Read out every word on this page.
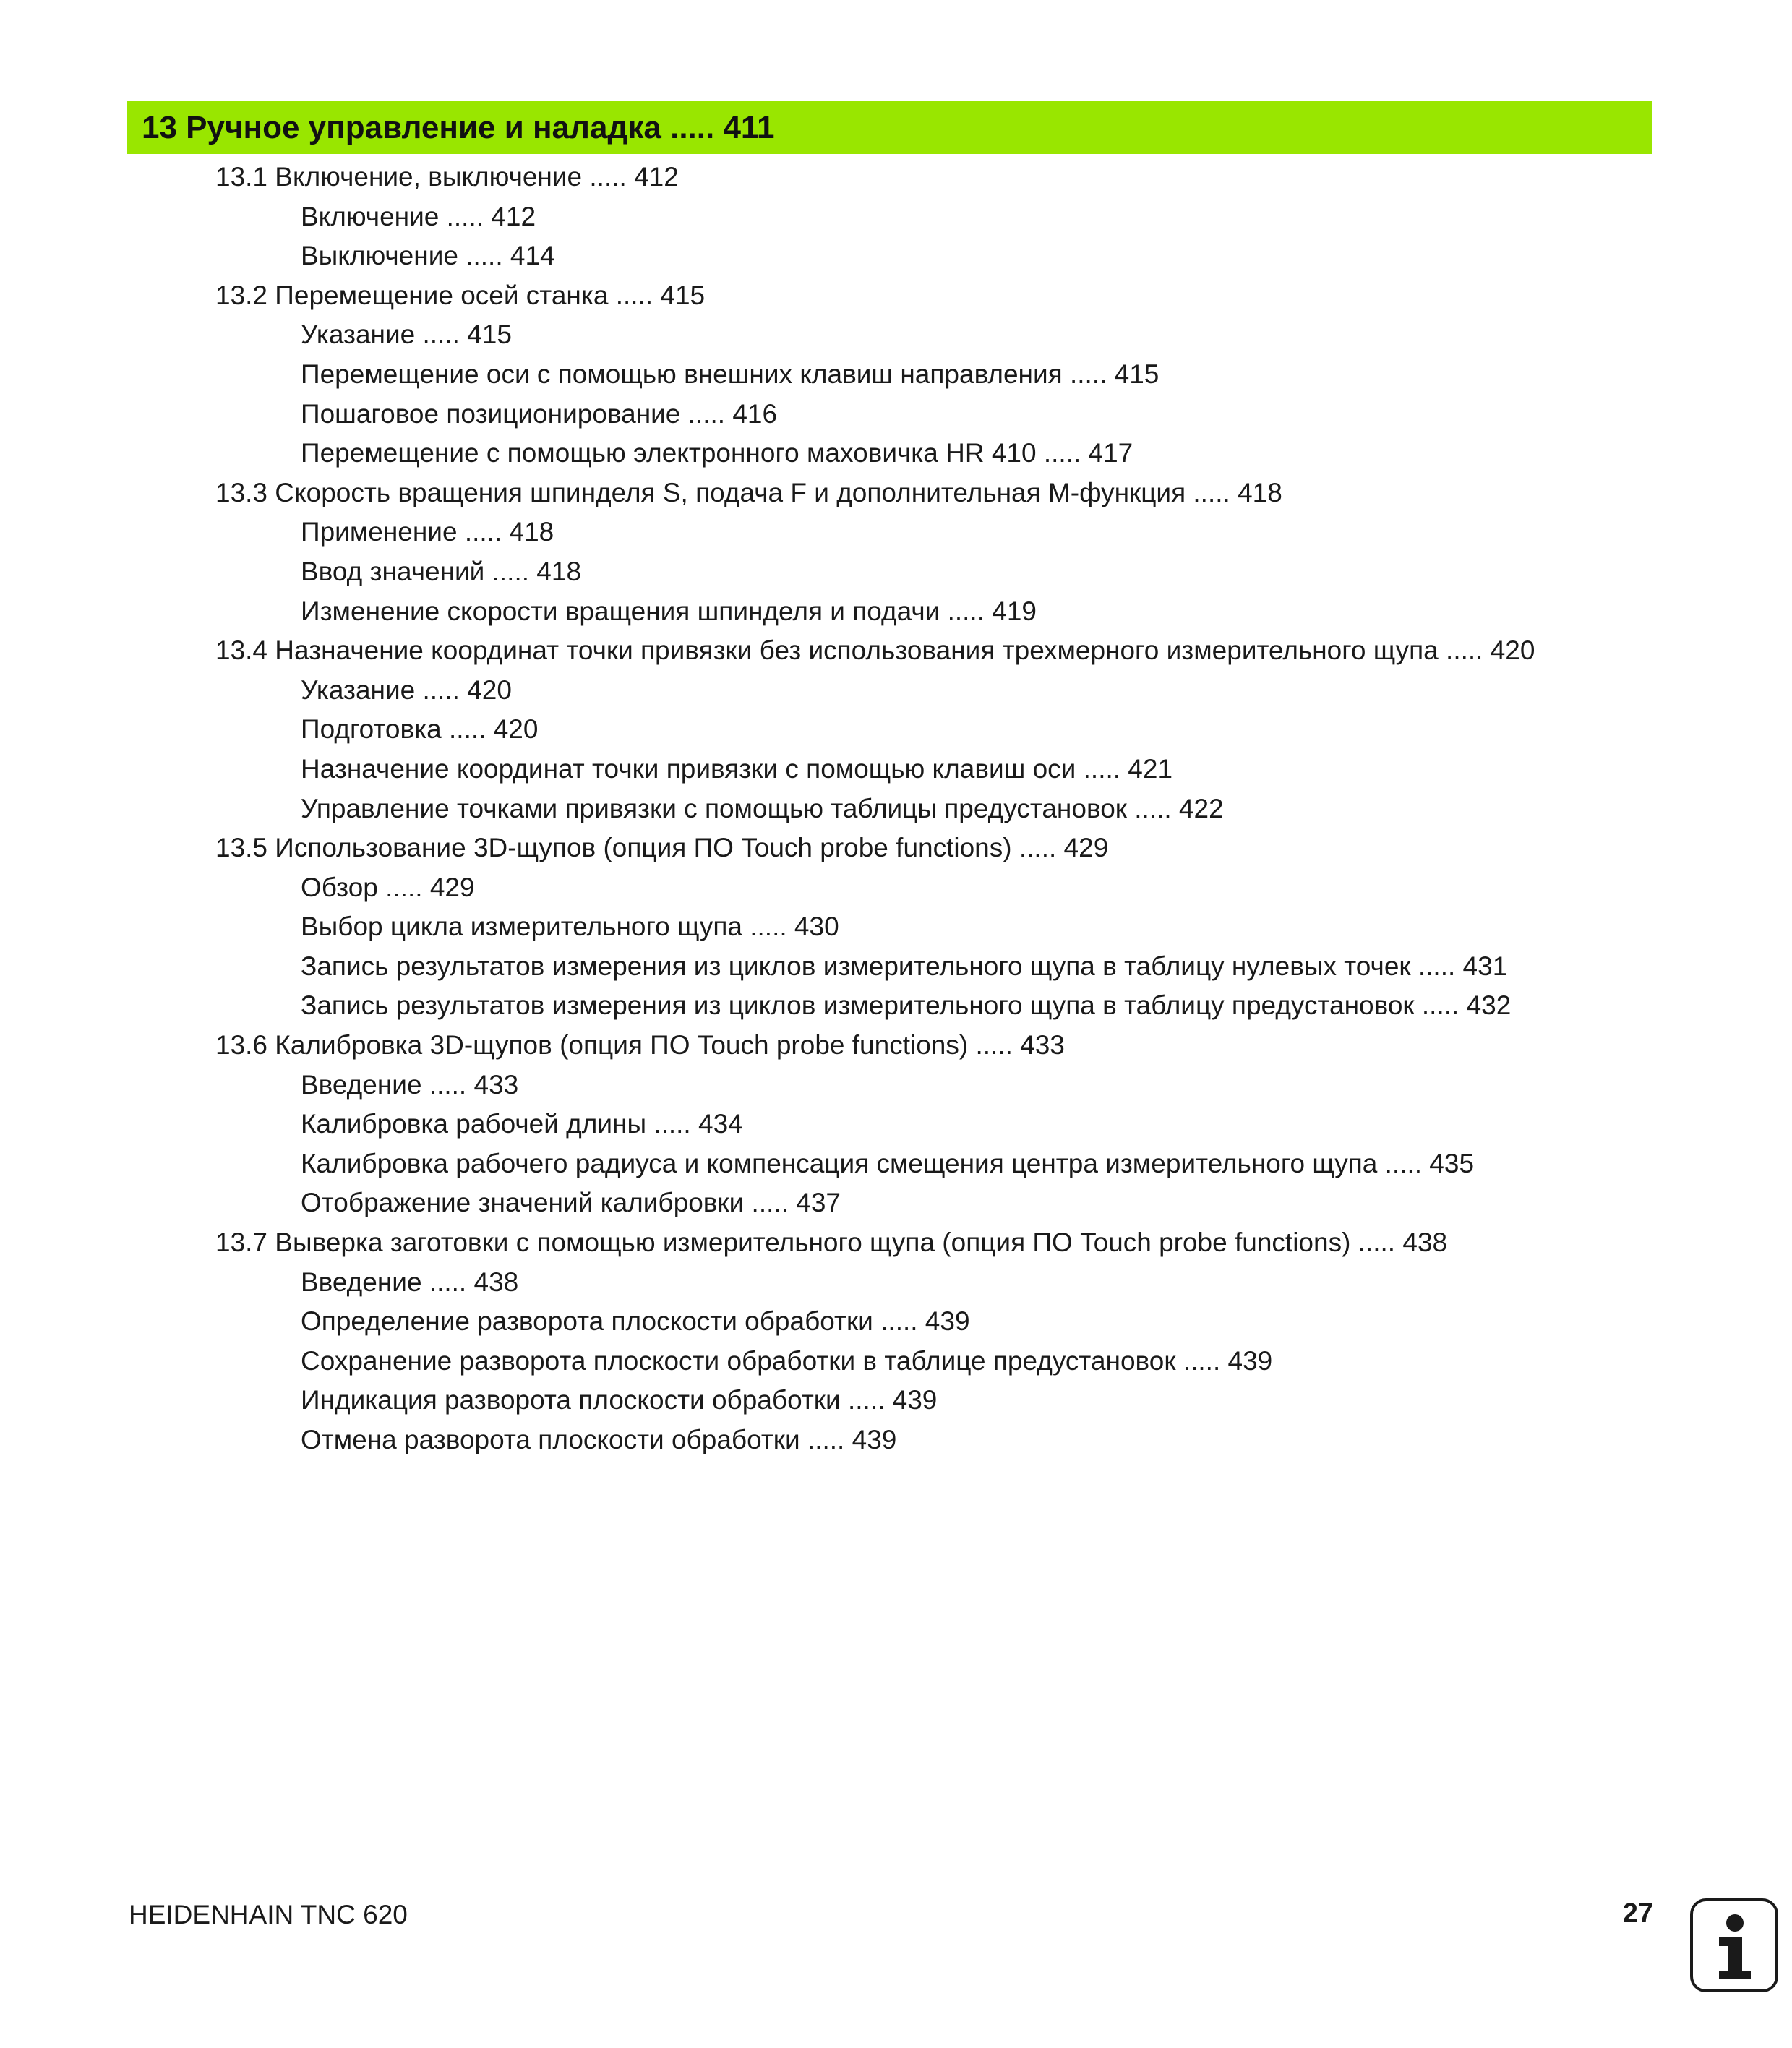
13 Ручное управление и наладка ..... 411
13.1 Включение, выключение ..... 412
Включение ..... 412
Выключение ..... 414
13.2 Перемещение осей станка ..... 415
Указание ..... 415
Перемещение оси с помощью внешних клавиш направления ..... 415
Пошаговое позиционирование ..... 416
Перемещение с помощью электронного маховичка HR 410 ..... 417
13.3 Скорость вращения шпинделя S, подача F и дополнительная M-функция ..... 418
Применение ..... 418
Ввод значений ..... 418
Изменение скорости вращения шпинделя и подачи ..... 419
13.4 Назначение координат точки привязки без использования трехмерного измерительного щупа ..... 420
Указание ..... 420
Подготовка ..... 420
Назначение координат точки привязки с помощью клавиш оси ..... 421
Управление точками привязки с помощью таблицы предустановок ..... 422
13.5 Использование 3D-щупов (опция ПО Touch probe functions) ..... 429
Обзор ..... 429
Выбор цикла измерительного щупа ..... 430
Запись результатов измерения из циклов измерительного щупа в таблицу нулевых точек ..... 431
Запись результатов измерения из циклов измерительного щупа в таблицу предустановок ..... 432
13.6 Калибровка 3D-щупов (опция ПО Touch probe functions) ..... 433
Введение ..... 433
Калибровка рабочей длины ..... 434
Калибровка рабочего радиуса и компенсация смещения центра измерительного щупа ..... 435
Отображение значений калибровки ..... 437
13.7 Выверка заготовки с помощью измерительного щупа (опция ПО Touch probe functions) ..... 438
Введение ..... 438
Определение разворота плоскости обработки ..... 439
Сохранение разворота плоскости обработки в таблице предустановок ..... 439
Индикация разворота плоскости обработки ..... 439
Отмена разворота плоскости обработки ..... 439
HEIDENHAIN TNC 620	27
